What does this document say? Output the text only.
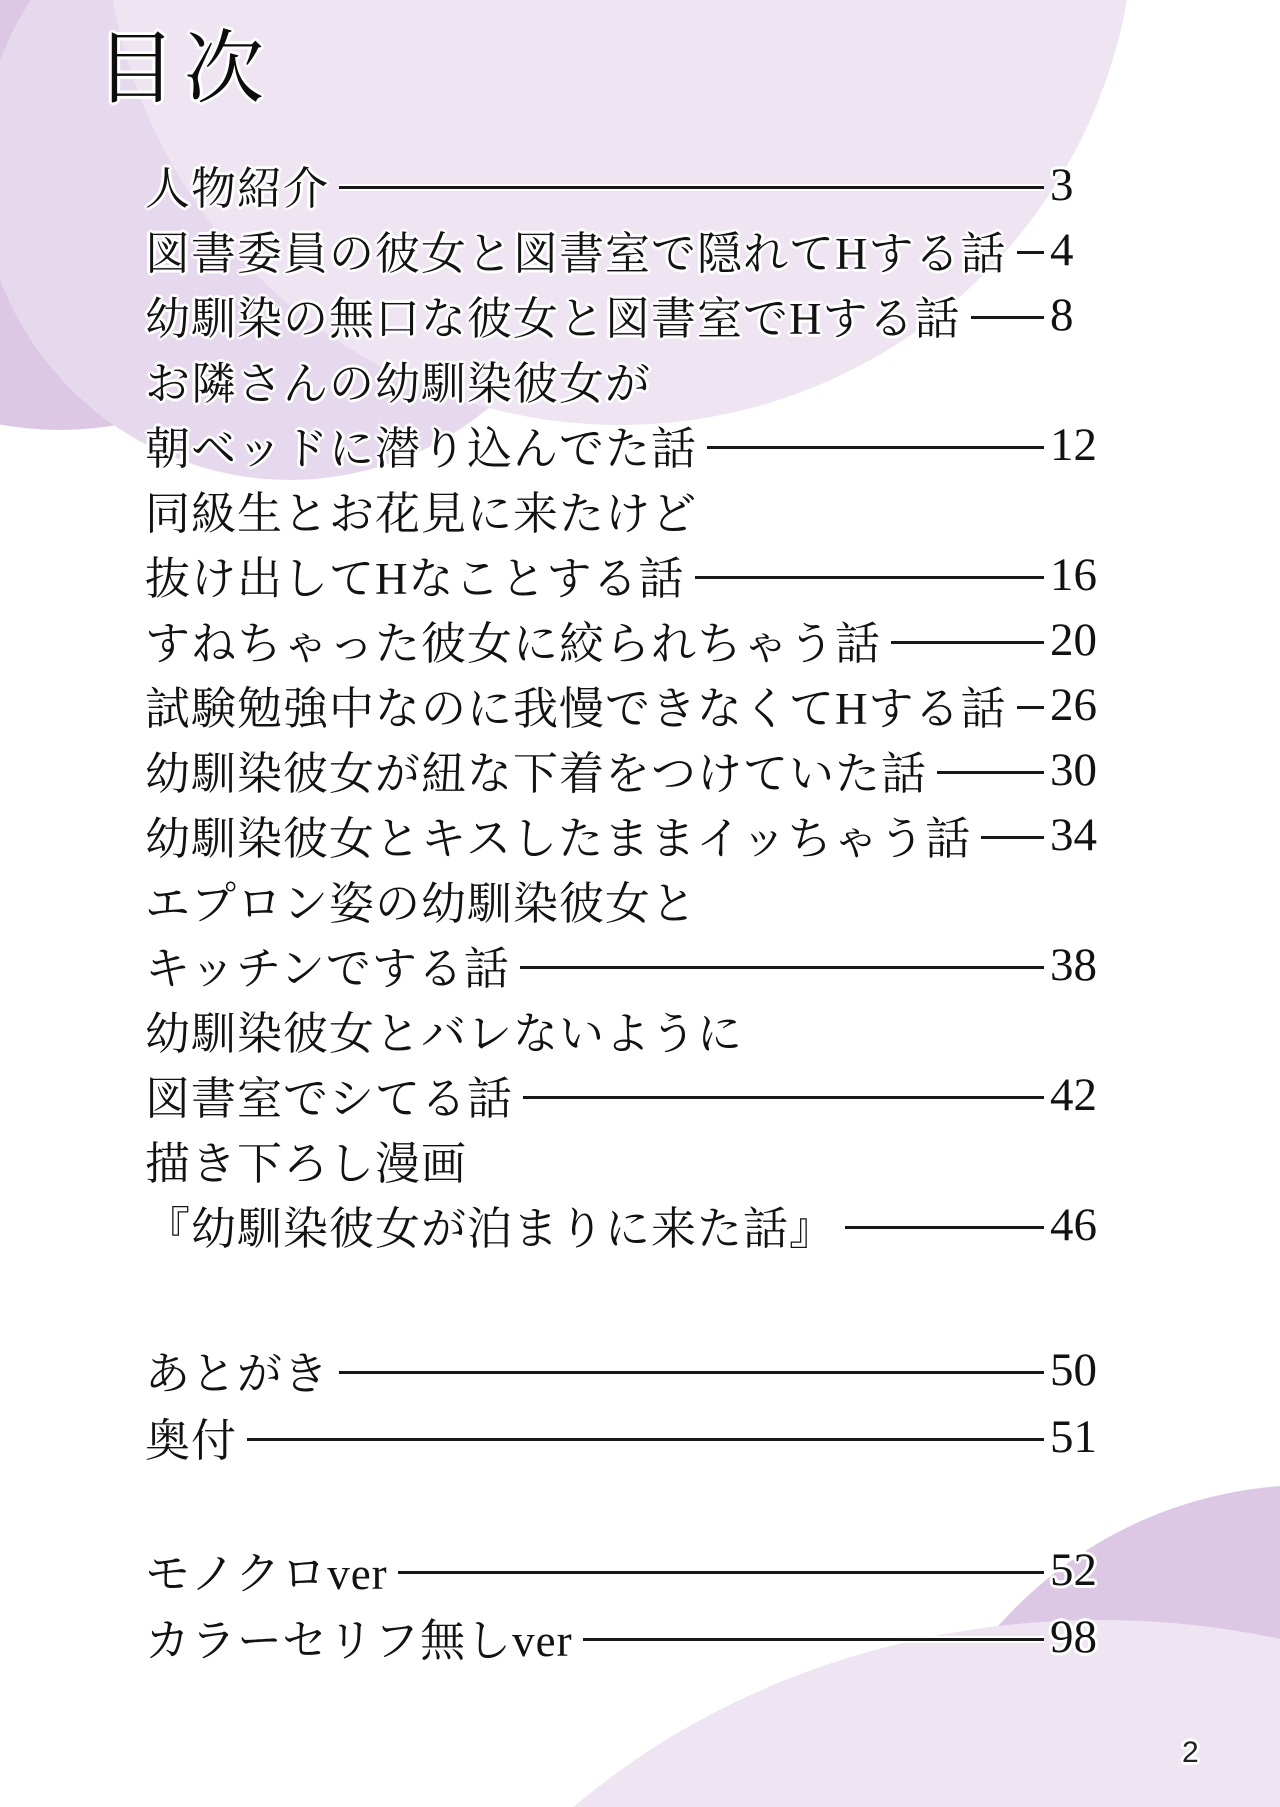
目次
人物紹介	3
図書委員の彼女と図書室で隠れてHする話 4
幼馴染の無口な彼女と図書室でHする話 8
お隣さんの幼馴染彼女が
朝ベッドに潜り込んでた話	12
同級生とお花見に来たけど
抜け出してHなことする話	16
すねちゃった彼女に絞られちゃう話	20
試験勉強中なのに我慢できなくてHする話 26
幼馴染彼女が紐な下着をつけていた話	30
幼馴染彼女とキスしたままイッちゃう話 34
エプロン姿の幼馴染彼女と
キッチンでする話	38
幼馴染彼女とバレないように
図書室でシてる話	42
描き下ろし漫画
『幼馴染彼女が泊まりに来た話』	46
あとがき	50
奥付	51
モノクロver	52
カラーセリフ無しver	98
2
